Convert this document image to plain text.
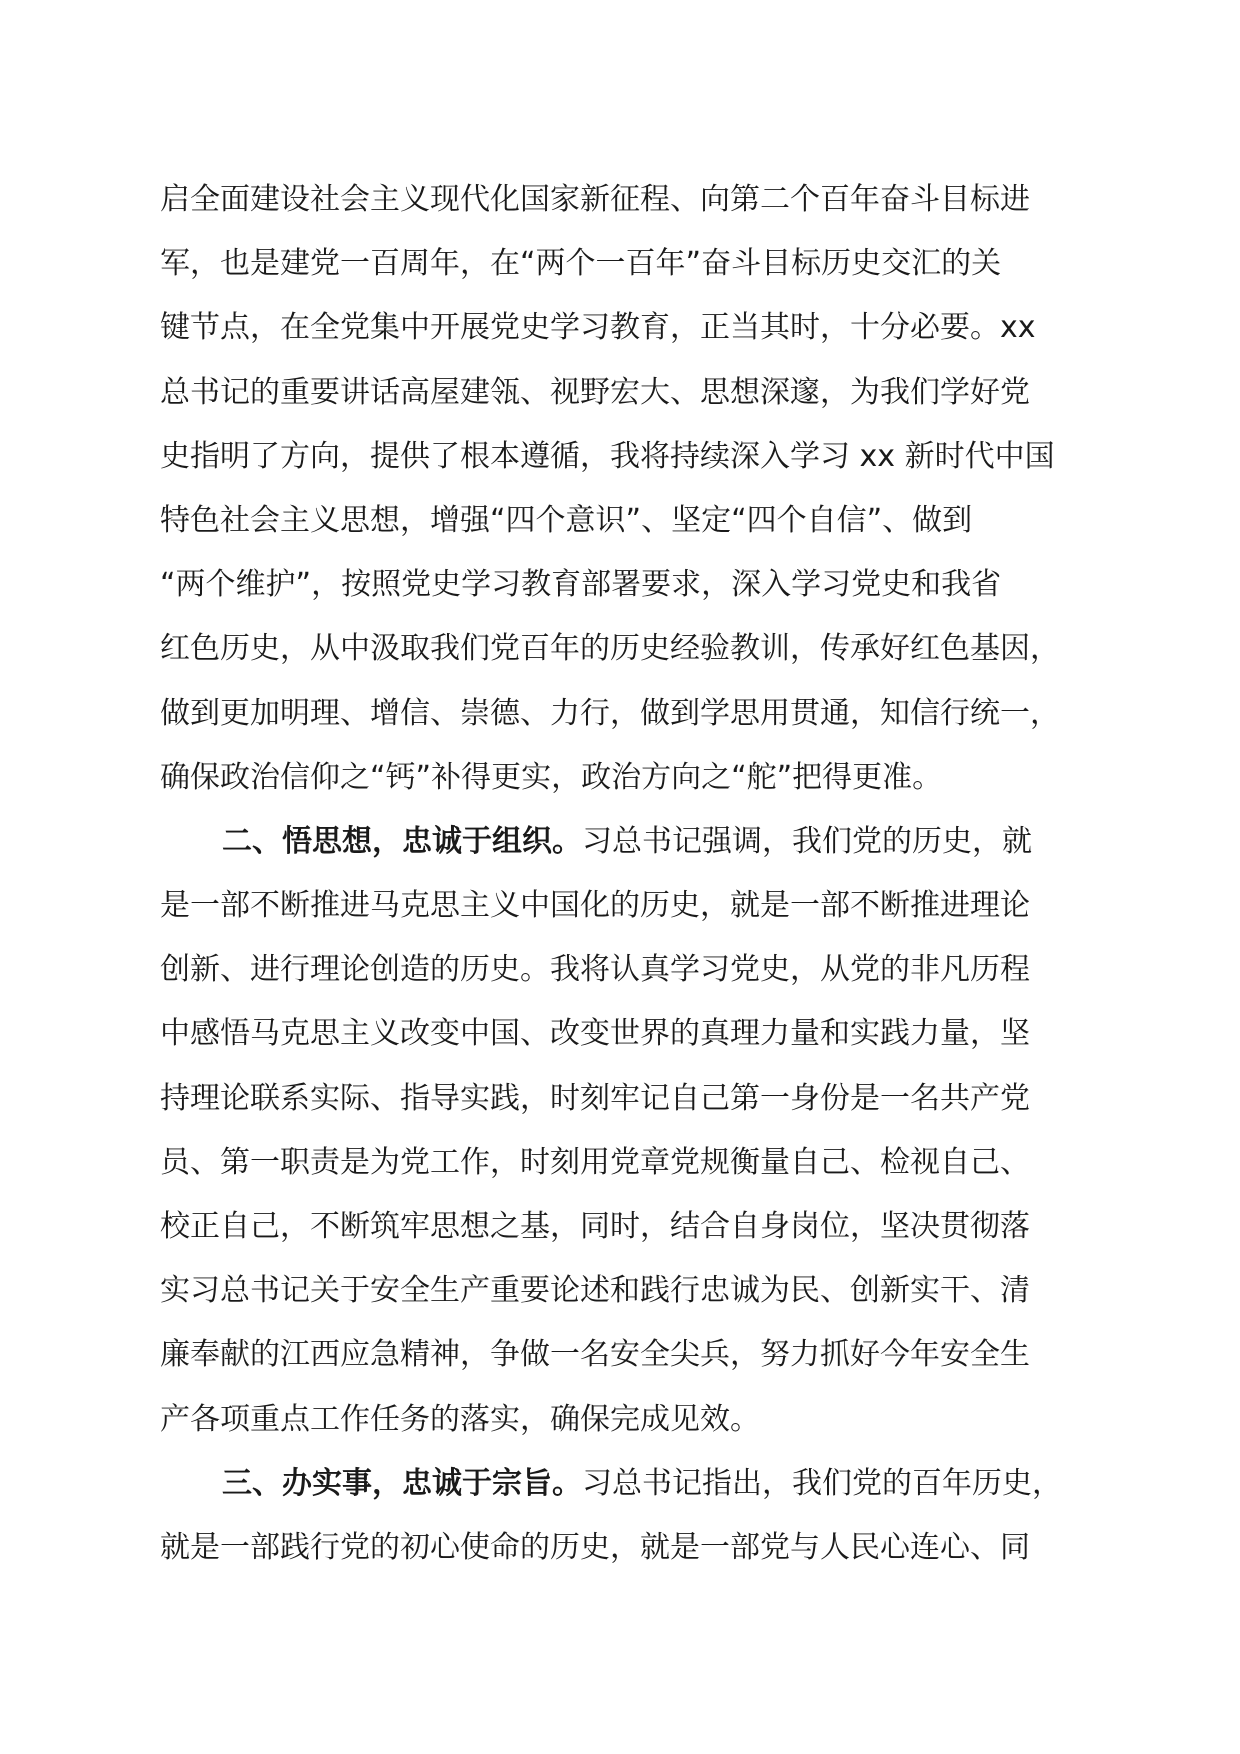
启全面建设社会主义现代化国家新征程、向第二个百年奋斗目标进
军，也是建党一百周年，在“两个一百年”奋斗目标历史交汇的关
键节点，在全党集中开展党史学习教育，正当其时，十分必要。xx
总书记的重要讲话高屋建瓴、视野宏大、思想深邃，为我们学好党
史指明了方向，提供了根本遵循，我将持续深入学习 xx 新时代中国
特色社会主义思想，增强“四个意识”、坚定“四个自信”、做到
“两个维护”，按照党史学习教育部署要求，深入学习党史和我省
红色历史，从中汲取我们党百年的历史经验教训，传承好红色基因，
做到更加明理、增信、崇德、力行，做到学思用贯通，知信行统一，
确保政治信仰之“钙”补得更实，政治方向之“舵”把得更准。
二、悟思想，忠诚于组织。习总书记强调，我们党的历史，就
是一部不断推进马克思主义中国化的历史，就是一部不断推进理论
创新、进行理论创造的历史。我将认真学习党史，从党的非凡历程
中感悟马克思主义改变中国、改变世界的真理力量和实践力量，坚
持理论联系实际、指导实践，时刻牢记自己第一身份是一名共产党
员、第一职责是为党工作，时刻用党章党规衡量自己、检视自己、
校正自己，不断筑牢思想之基，同时，结合自身岗位，坚决贯彻落
实习总书记关于安全生产重要论述和践行忠诚为民、创新实干、清
廉奉献的江西应急精神，争做一名安全尖兵，努力抓好今年安全生
产各项重点工作任务的落实，确保完成见效。
三、办实事，忠诚于宗旨。习总书记指出，我们党的百年历史，
就是一部践行党的初心使命的历史，就是一部党与人民心连心、同
